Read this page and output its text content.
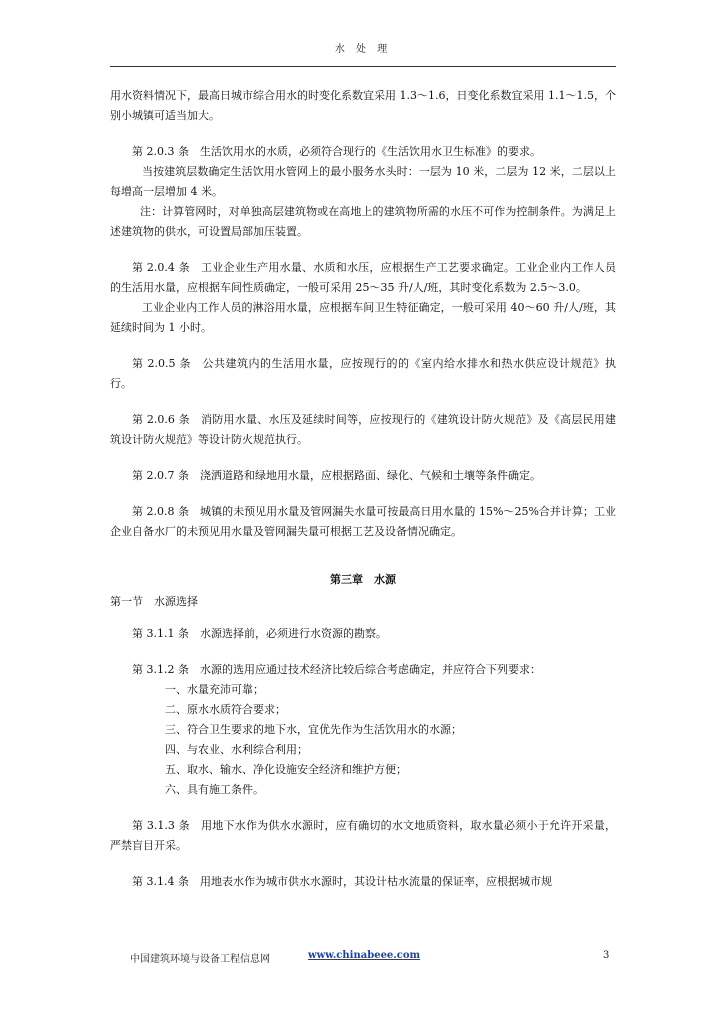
水 处 理

用水资料情况下，最高日城市综合用水的时变化系数宜采用 1.3～1.6，日变化系数宜采用 1.1～1.5，个别小城镇可适当加大。

第 2.0.3 条　生活饮用水的水质，必须符合现行的《生活饮用水卫生标准》的要求。

当按建筑层数确定生活饮用水管网上的最小服务水头时：一层为 10 米，二层为 12 米，二层以上每增高一层增加 4 米。

注：计算管网时，对单独高层建筑物或在高地上的建筑物所需的水压不可作为控制条件。为满足上述建筑物的供水，可设置局部加压装置。

第 2.0.4 条　工业企业生产用水量、水质和水压，应根据生产工艺要求确定。工业企业内工作人员的生活用水量，应根据车间性质确定，一般可采用 25～35 升/人/班，其时变化系数为 2.5～3.0。

工业企业内工作人员的淋浴用水量，应根据车间卫生特征确定，一般可采用 40～60 升/人/班，其延续时间为 1 小时。

第 2.0.5 条　公共建筑内的生活用水量，应按现行的的《室内给水排水和热水供应设计规范》执行。

第 2.0.6 条　消防用水量、水压及延续时间等，应按现行的《建筑设计防火规范》及《高层民用建筑设计防火规范》等设计防火规范执行。

第 2.0.7 条　浇洒道路和绿地用水量，应根据路面、绿化、气候和土壤等条件确定。

第 2.0.8 条　城镇的未预见用水量及管网漏失水量可按最高日用水量的 15%～25%合并计算；工业企业自备水厂的未预见用水量及管网漏失量可根据工艺及设备情况确定。

第三章　水源
第一节　水源选择

第 3.1.1 条　水源选择前，必须进行水资源的勘察。

第 3.1.2 条　水源的选用应通过技术经济比较后综合考虑确定，并应符合下列要求：

一、水量充沛可靠；
二、原水水质符合要求；
三、符合卫生要求的地下水，宜优先作为生活饮用水的水源；
四、与农业、水利综合利用；
五、取水、输水、净化设施安全经济和维护方便；
六、具有施工条件。

第 3.1.3 条　用地下水作为供水水源时，应有确切的水文地质资料，取水量必须小于允许开采量，严禁盲目开采。

第 3.1.4 条　用地表水作为城市供水水源时，其设计枯水流量的保证率，应根据城市规

中国建筑环境与设备工程信息网	www.chinabeee.com	3
